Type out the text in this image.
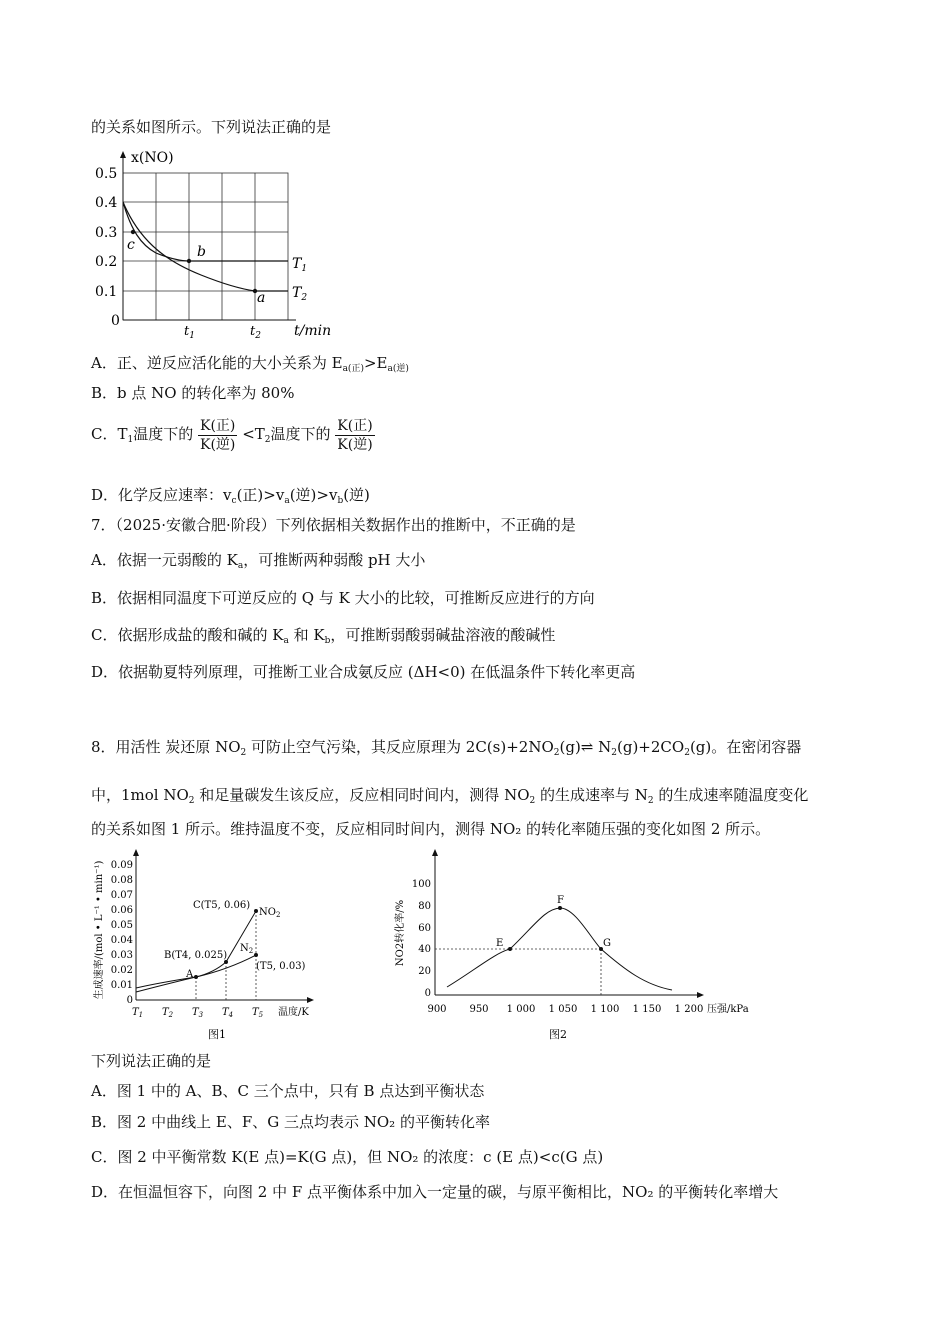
的关系如图所示。下列说法正确的是
x(NO)
t/min
0.5
0.4
0.3
0.2
0.1
0
$t_1$	$t_2$
c	b
a
$T_1$
$T_2$
A．正、逆反应活化能的大小关系为 $E_{a(正)}>E_{a(逆)}$
B．b 点 NO 的转化率为 80%
C．$T_1$温度下的 $\frac{\text{K(正)}}{\text{K(逆)}} <T_2$温度下的 $\frac{\text{K(正)}}{\text{K(逆)}}$
D．化学反应速率：$v_c$(正)$>v_a$(逆)$>v_b$(逆)
7．（2025·安徽合肥·阶段）下列依据相关数据作出的推断中，不正确的是
A．依据一元弱酸的 $K_a$，可推断两种弱酸 pH 大小
B．依据相同温度下可逆反应的 Q 与 K 大小的比较，可推断反应进行的方向
C．依据形成盐的酸和碱的 $K_a$ 和 $K_b$，可推断弱酸弱碱盐溶液的酸碱性
D．依据勒夏特列原理，可推断工业合成氨反应 (ΔH<0) 在低温条件下转化率更高
8．用活性 炭还原 $NO_2$ 可防止空气污染，其反应原理为 $2C(s)+2NO_2(g)\rightleftharpoons$ $N_2(g)+2CO_2(g)$。在密闭容器
中，1mol $NO_2$ 和足量碳发生该反应，反应相同时间内，测得 $NO_2$ 的生成速率与 $N_2$ 的生成速率随温度变化
的关系如图 1 所示。维持温度不变，反应相同时间内，测得 NO₂ 的转化率随压强的变化如图 2 所示。
生成速率/(mol • L⁻¹ • min⁻¹) 0.09
0.08
0.07
0.06
0.05
0.04
0.03
0.02
0.01
0
$T_1$ $T_2$ $T_3$ $T_4$ $T_5$ 温度/K
C(T5, 0.06)
B(T4, 0.025)
A
(T5, 0.03)
$NO_2$
$N_2$
图1
NO2转化率/%
100
80
60
40
20
0
900 950 1 000 1 050 1 100 1 150 1 200 压强/kPa
E
F
G
图2
下列说法正确的是
A．图 1 中的 A、B、C 三个点中，只有 B 点达到平衡状态
B．图 2 中曲线上 E、F、G 三点均表示 NO₂ 的平衡转化率
C．图 2 中平衡常数 K(E 点)=K(G 点)，但 NO₂ 的浓度：c (E 点)<c(G 点)
D．在恒温恒容下，向图 2 中 F 点平衡体系中加入一定量的碳，与原平衡相比，NO₂ 的平衡转化率增大
